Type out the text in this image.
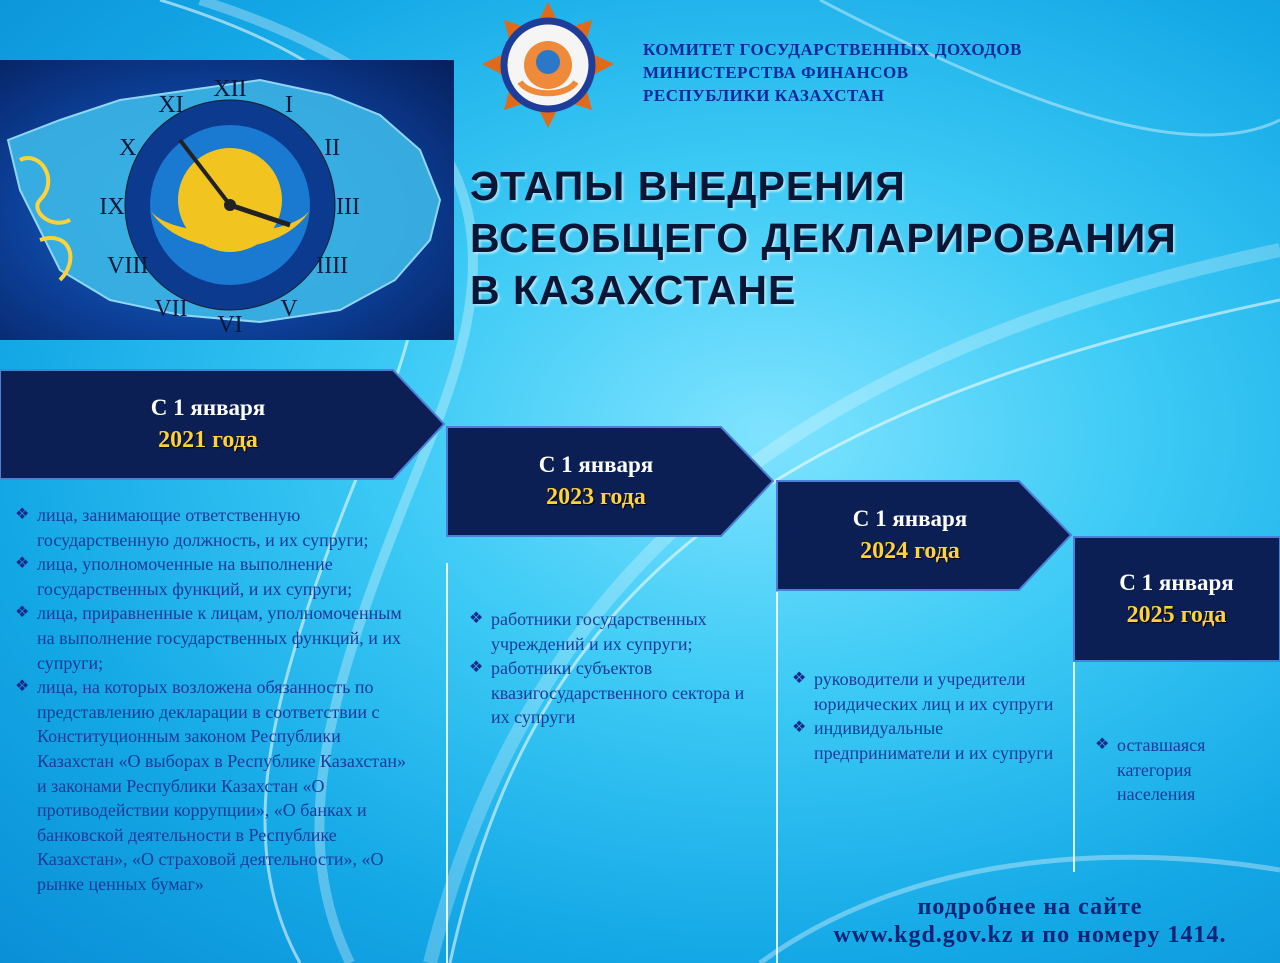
XII
I
II
III
IIII
V
VI
VII
VIII
IX
X
XI
КОМИТЕТ ГОСУДАРСТВЕННЫХ ДОХОДОВ
МИНИСТЕРСТВА ФИНАНСОВ
РЕСПУБЛИКИ КАЗАХСТАН
ЭТАПЫ ВНЕДРЕНИЯ
ВСЕОБЩЕГО ДЕКЛАРИРОВАНИЯ
В КАЗАХСТАНЕ
С 1 января
2021 года
С 1 января
2023 года
С 1 января
2024 года
С 1 января
2025 года
❖ лица, занимающие ответственную государственную должность, и их супруги;
❖ лица, уполномоченные на выполнение государственных функций, и их супруги;
❖ лица, приравненные к лицам, уполномоченным на выполнение государственных функций, и их супруги;
❖ лица, на которых возложена обязанность по представлению декларации в соответствии с Конституционным законом Республики Казахстан «О выборах в Республике Казахстан» и законами Республики Казахстан «О противодействии коррупции», «О банках и банковской деятельности в Республике Казахстан», «О страховой деятельности», «О рынке ценных бумаг»
❖ работники государственных учреждений и их супруги;
❖ работники субъектов квазигосударственного сектора и их супруги
❖ руководители и учредители юридических лиц и их супруги
❖ индивидуальные предприниматели и их супруги	❖ оставшаяся категория населения
подробнее на сайте
www.kgd.gov.kz и по номеру 1414.
